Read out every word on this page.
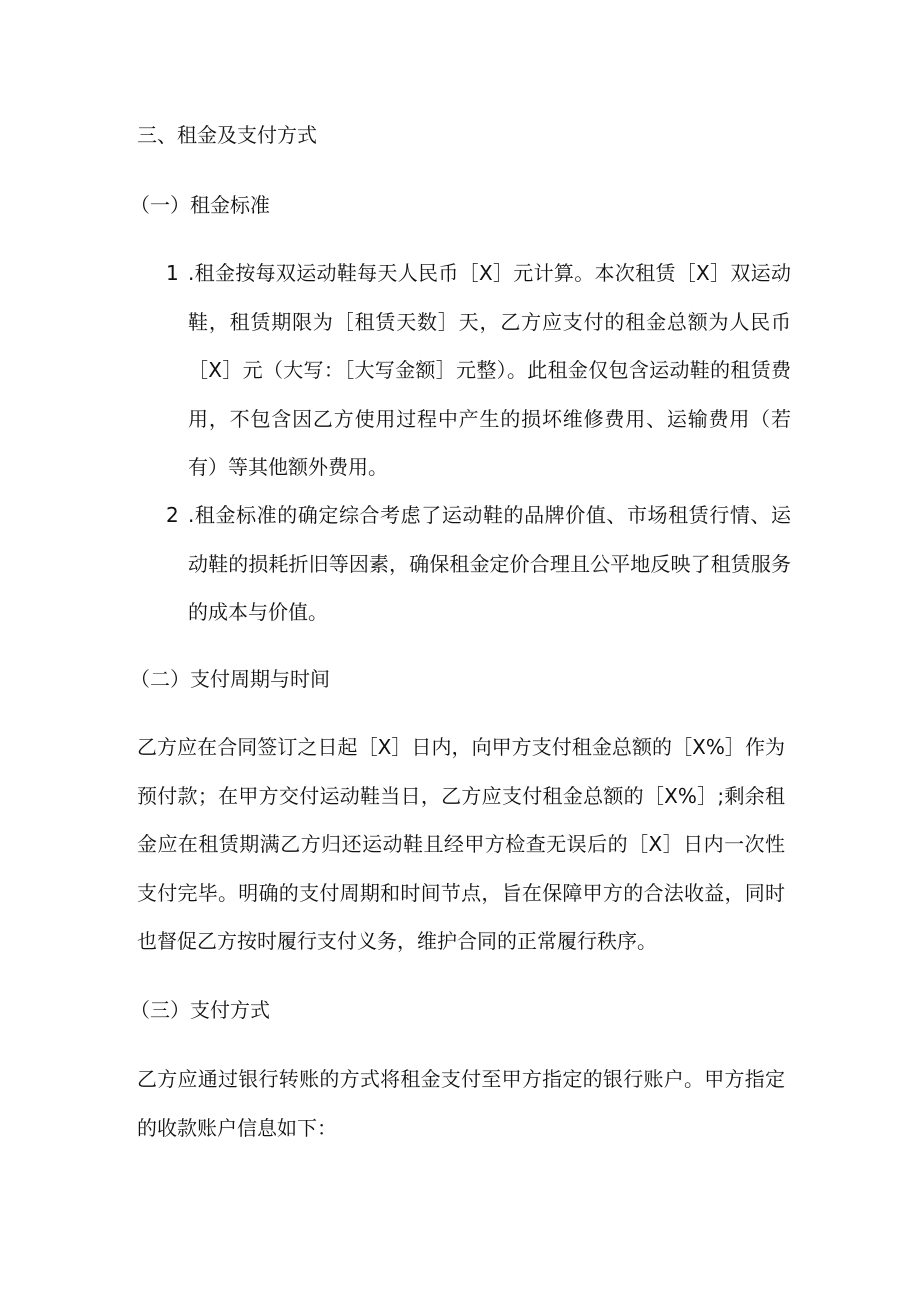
三、租金及支付方式
（一）租金标准
1 .租金按每双运动鞋每天人民币［X］元计算。本次租赁［X］双运动鞋，租赁期限为［租赁天数］天，乙方应支付的租金总额为人民币［X］元（大写：［大写金额］元整）。此租金仅包含运动鞋的租赁费用，不包含因乙方使用过程中产生的损坏维修费用、运输费用（若有）等其他额外费用。
2 .租金标准的确定综合考虑了运动鞋的品牌价值、市场租赁行情、运动鞋的损耗折旧等因素，确保租金定价合理且公平地反映了租赁服务的成本与价值。
（二）支付周期与时间
乙方应在合同签订之日起［X］日内，向甲方支付租金总额的［X%］作为预付款；在甲方交付运动鞋当日，乙方应支付租金总额的［X%］;剩余租金应在租赁期满乙方归还运动鞋且经甲方检查无误后的［X］日内一次性支付完毕。明确的支付周期和时间节点，旨在保障甲方的合法收益，同时也督促乙方按时履行支付义务，维护合同的正常履行秩序。
（三）支付方式
乙方应通过银行转账的方式将租金支付至甲方指定的银行账户。甲方指定的收款账户信息如下：
